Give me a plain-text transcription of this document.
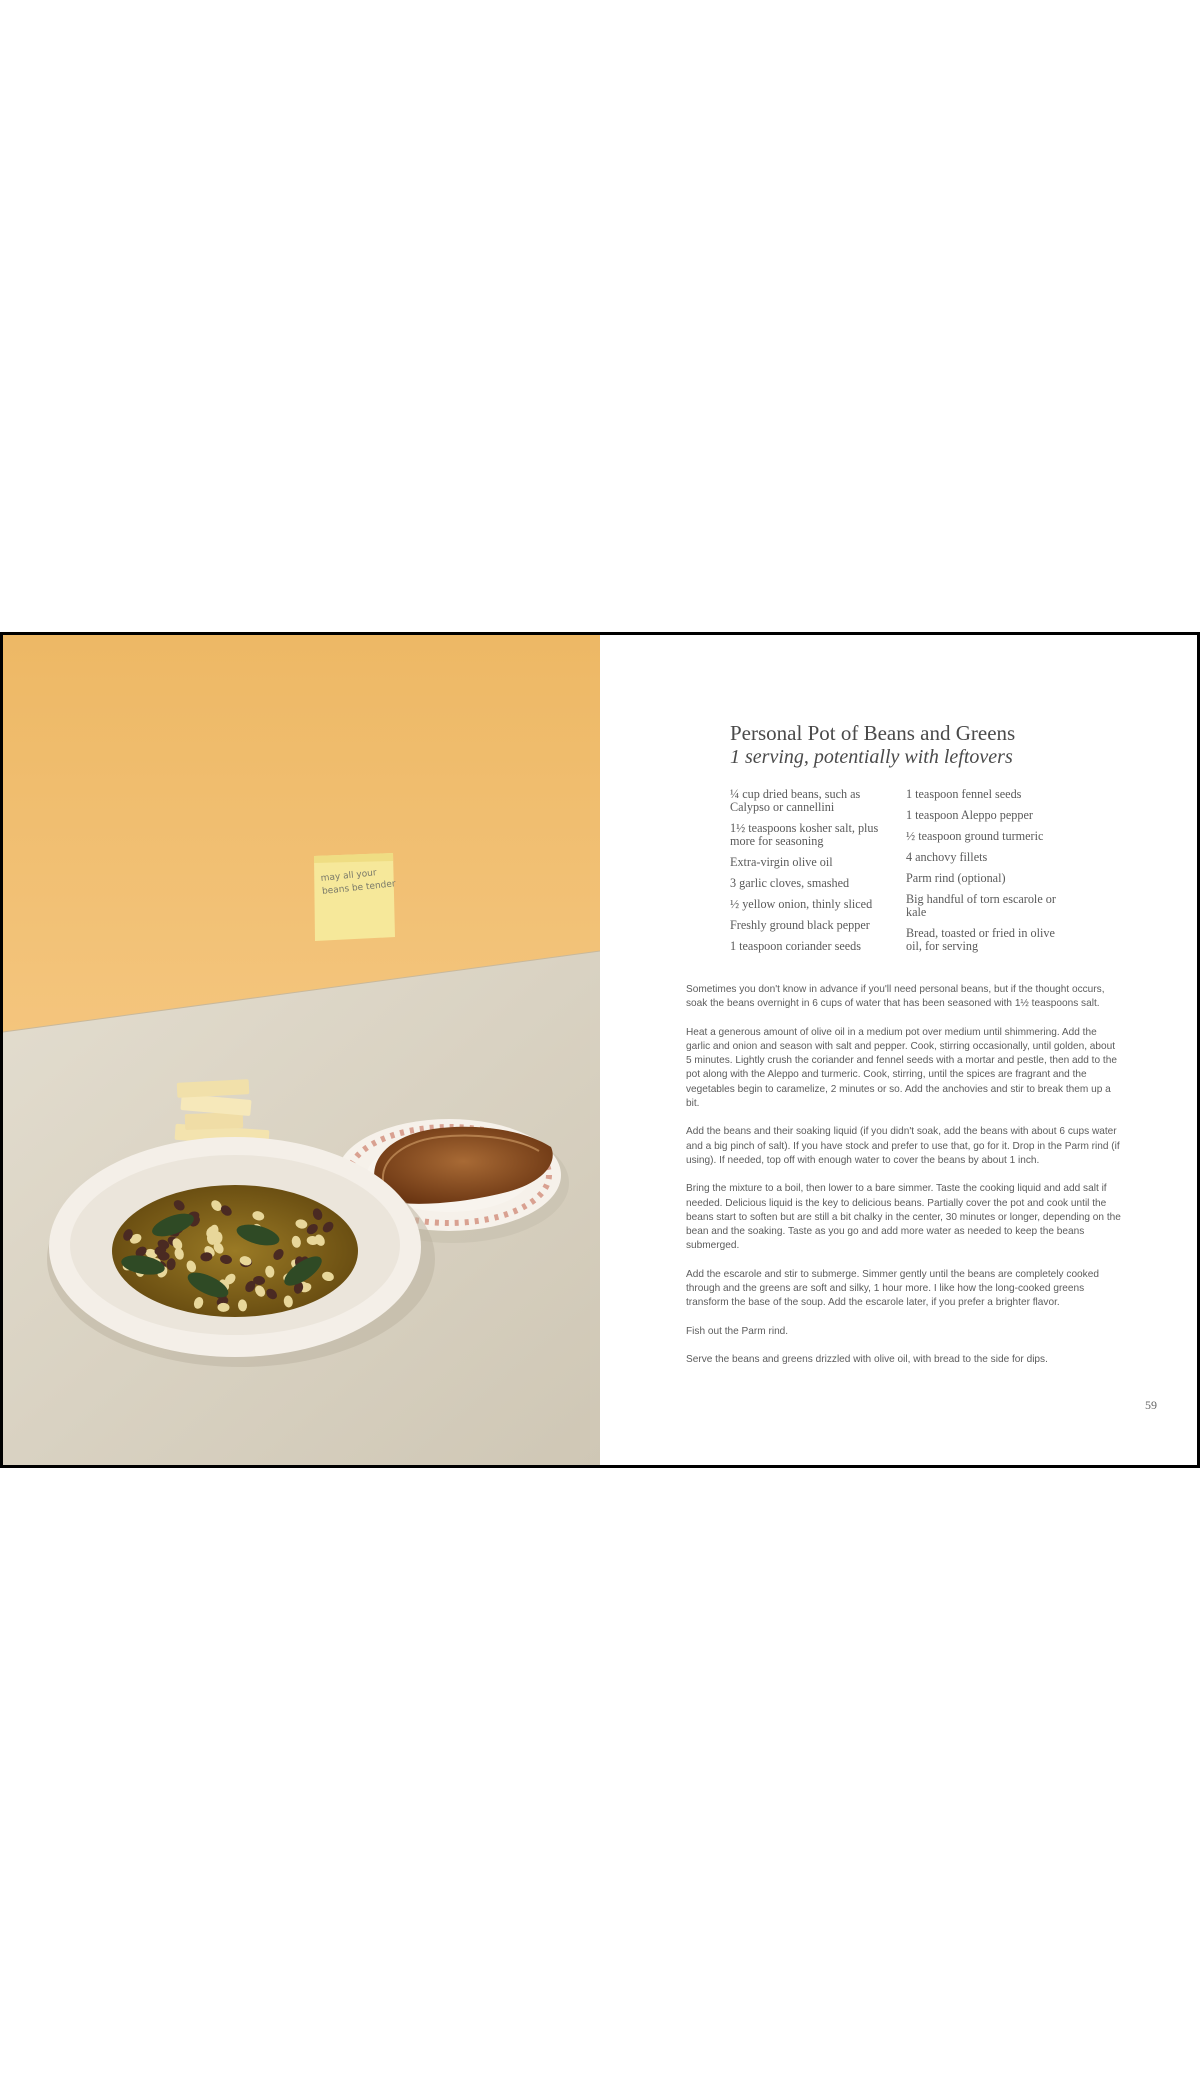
may all yourbeans be tender
Personal Pot of Beans and Greens
1 serving, potentially with leftovers
¼ cup dried beans, such as Calypso or cannellini
1½ teaspoons kosher salt, plus more for seasoning
Extra-virgin olive oil
3 garlic cloves, smashed
½ yellow onion, thinly sliced
Freshly ground black pepper
1 teaspoon coriander seeds
1 teaspoon fennel seeds
1 teaspoon Aleppo pepper
½ teaspoon ground turmeric
4 anchovy fillets
Parm rind (optional)
Big handful of torn escarole or kale
Bread, toasted or fried in olive oil, for serving

Sometimes you don't know in advance if you'll need personal beans, but if the thought occurs, soak the beans overnight in 6 cups of water that has been seasoned with 1½ teaspoons salt.

Heat a generous amount of olive oil in a medium pot over medium until shimmering. Add the garlic and onion and season with salt and pepper. Cook, stirring occasionally, until golden, about 5 minutes. Lightly crush the coriander and fennel seeds with a mortar and pestle, then add to the pot along with the Aleppo and turmeric. Cook, stirring, until the spices are fragrant and the vegetables begin to caramelize, 2 minutes or so. Add the anchovies and stir to break them up a bit.

Add the beans and their soaking liquid (if you didn't soak, add the beans with about 6 cups water and a big pinch of salt). If you have stock and prefer to use that, go for it. Drop in the Parm rind (if using). If needed, top off with enough water to cover the beans by about 1 inch.

Bring the mixture to a boil, then lower to a bare simmer. Taste the cooking liquid and add salt if needed. Delicious liquid is the key to delicious beans. Partially cover the pot and cook until the beans start to soften but are still a bit chalky in the center, 30 minutes or longer, depending on the bean and the soaking. Taste as you go and add more water as needed to keep the beans submerged.

Add the escarole and stir to submerge. Simmer gently until the beans are completely cooked through and the greens are soft and silky, 1 hour more. I like how the long-cooked greens transform the base of the soup. Add the escarole later, if you prefer a brighter flavor.

Fish out the Parm rind.

Serve the beans and greens drizzled with olive oil, with bread to the side for dips.

59
